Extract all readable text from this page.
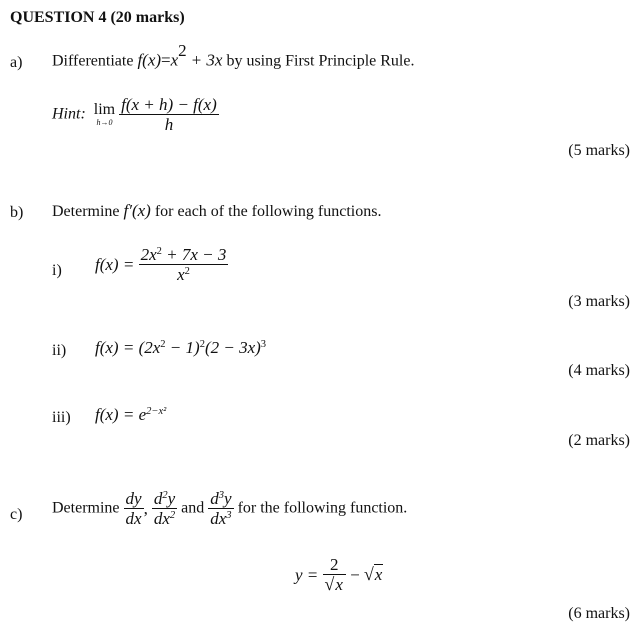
QUESTION 4 (20 marks)
a) Differentiate $f(x)=x^2 + 3x$ by using First Principle Rule.
Hint: lim
h→0
$\frac{f(x + h) - f(x)}{h}$
(5 marks)
b) Determine f′(x) for each of the following functions.
i) $f(x) = \frac{2x^2 + 7x - 3}{x^2}$
(3 marks)
ii) $f(x) = (2x^2 - 1)^2(2 - 3x)^3$
(4 marks)
iii) $f(x) = e^{2-x^2}$
(2 marks)
c) Determine $\frac{dy}{dx}$ , $\frac{d^2y}{dx^2}$ and $\frac{d^3y}{dx^3}$ for the following function.
$y = \frac{2}{√x} - √x$
(6 marks)
